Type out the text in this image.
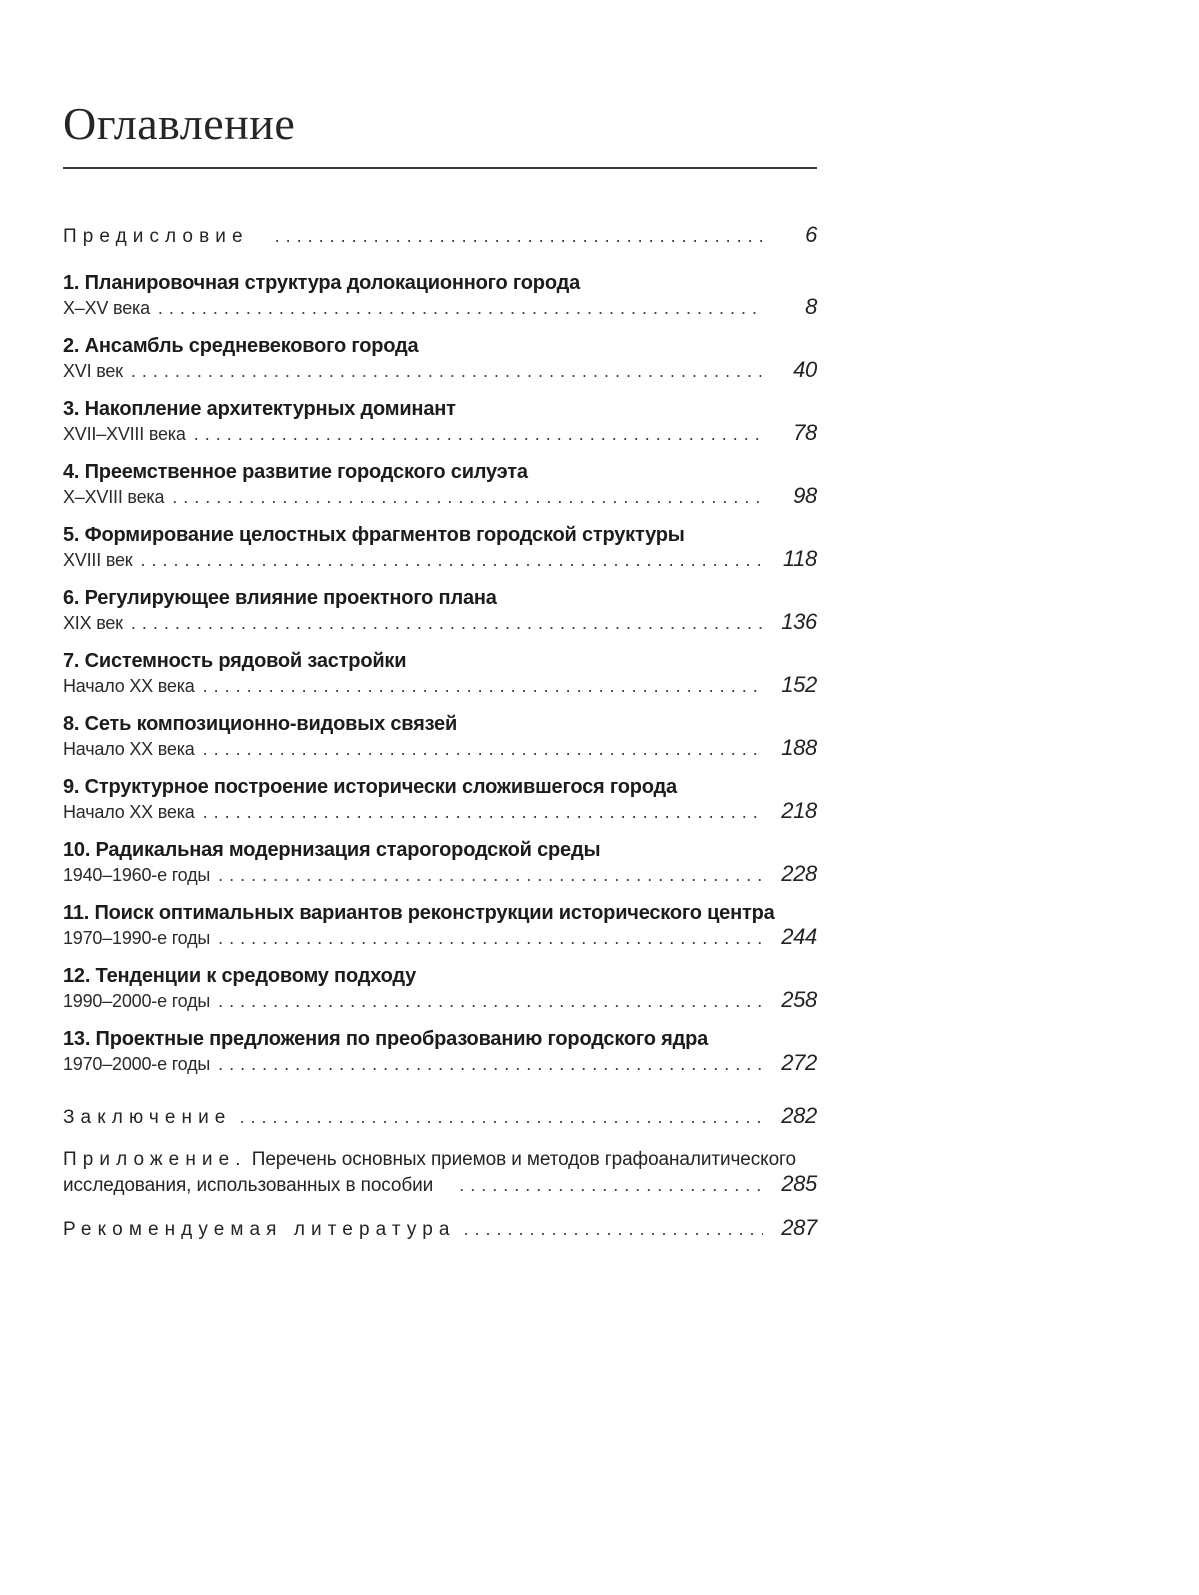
Оглавление
Предисловие . . .	6
1. Планировочная структура долокационного города
X–XV века . . .	8
2. Ансамбль средневекового города
XVI век . . .	40
3. Накопление архитектурных доминант
XVII–XVIII века . . .	78
4. Преемственное развитие городского силуэта
X–XVIII века . . .	98
5. Формирование целостных фрагментов городской структуры
XVIII век . . .	118
6. Регулирующее влияние проектного плана
XIX век . . .	136
7. Системность рядовой застройки
Начало XX века . . .	152
8. Сеть композиционно-видовых связей
Начало XX века . . .	188
9. Структурное построение исторически сложившегося города
Начало XX века . . .	218
10. Радикальная модернизация старогородской среды
1940–1960-е годы . . .	228
11. Поиск оптимальных вариантов реконструкции исторического центра
1970–1990-е годы . . .	244
12. Тенденции к средовому подходу
1990–2000-е годы . . .	258
13. Проектные предложения по преобразованию городского ядра
1970–2000-е годы . . .	272
Заключение . . .	282
Приложение. Перечень основных приемов и методов графоаналитического
исследования, использованных в пособии . . .	285
Рекомендуемая литература . . .	287
